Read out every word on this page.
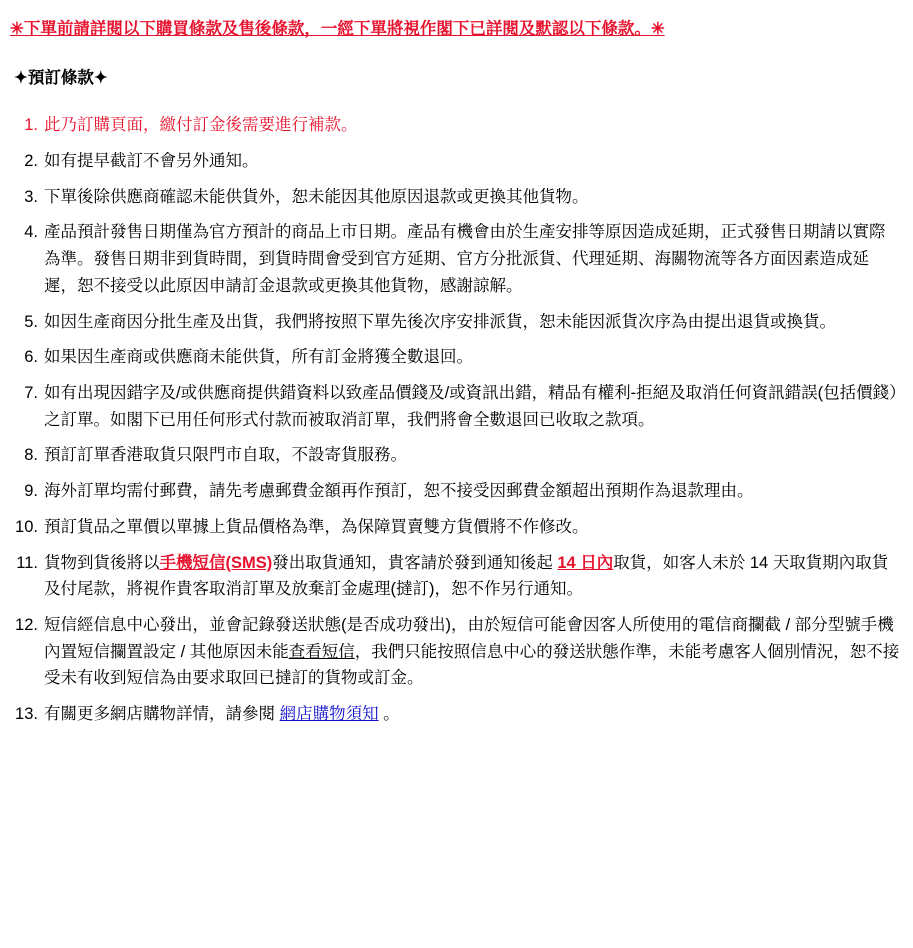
✳下單前請詳閱以下購買條款及售後條款，一經下單將視作閣下已詳閱及默認以下條款。✳
✦預訂條款✦
此乃訂購頁面，繳付訂金後需要進行補款。
如有提早截訂不會另外通知。
下單後除供應商確認未能供貨外，恕未能因其他原因退款或更換其他貨物。
產品預計發售日期僅為官方預計的商品上市日期。產品有機會由於生產安排等原因造成延期，正式發售日期請以實際為準。發售日期非到貨時間，到貨時間會受到官方延期、官方分批派貨、代理延期、海關物流等各方面因素造成延遲，恕不接受以此原因申請訂金退款或更換其他貨物，感謝諒解。
如因生產商因分批生產及出貨，我們將按照下單先後次序安排派貨，恕未能因派貨次序為由提出退貨或換貨。
如果因生產商或供應商未能供貨，所有訂金將獲全數退回。
如有出現因錯字及/或供應商提供錯資料以致產品價錢及/或資訊出錯，精品有權利-拒絕及取消任何資訊錯誤(包括價錢）之訂單。如閣下已用任何形式付款而被取消訂單，我們將會全數退回已收取之款項。
預訂訂單香港取貨只限門市自取，不設寄貨服務。
海外訂單均需付郵費，請先考慮郵費金額再作預訂，恕不接受因郵費金額超出預期作為退款理由。
預訂貨品之單價以單據上貨品價格為準，為保障買賣雙方貨價將不作修改。
貨物到貨後將以手機短信(SMS)發出取貨通知，貴客請於發到通知後起 14 日內取貨，如客人未於 14 天取貨期內取貨及付尾款，將視作貴客取消訂單及放棄訂金處理(撻訂)，恕不作另行通知。
短信經信息中心發出，並會記錄發送狀態(是否成功發出)，由於短信可能會因客人所使用的電信商攔截 / 部分型號手機內置短信攔置設定 / 其他原因未能查看短信，我們只能按照信息中心的發送狀態作準，未能考慮客人個別情況，恕不接受未有收到短信為由要求取回已撻訂的貨物或訂金。
有關更多網店購物詳情，請參閱 網店購物須知 。
